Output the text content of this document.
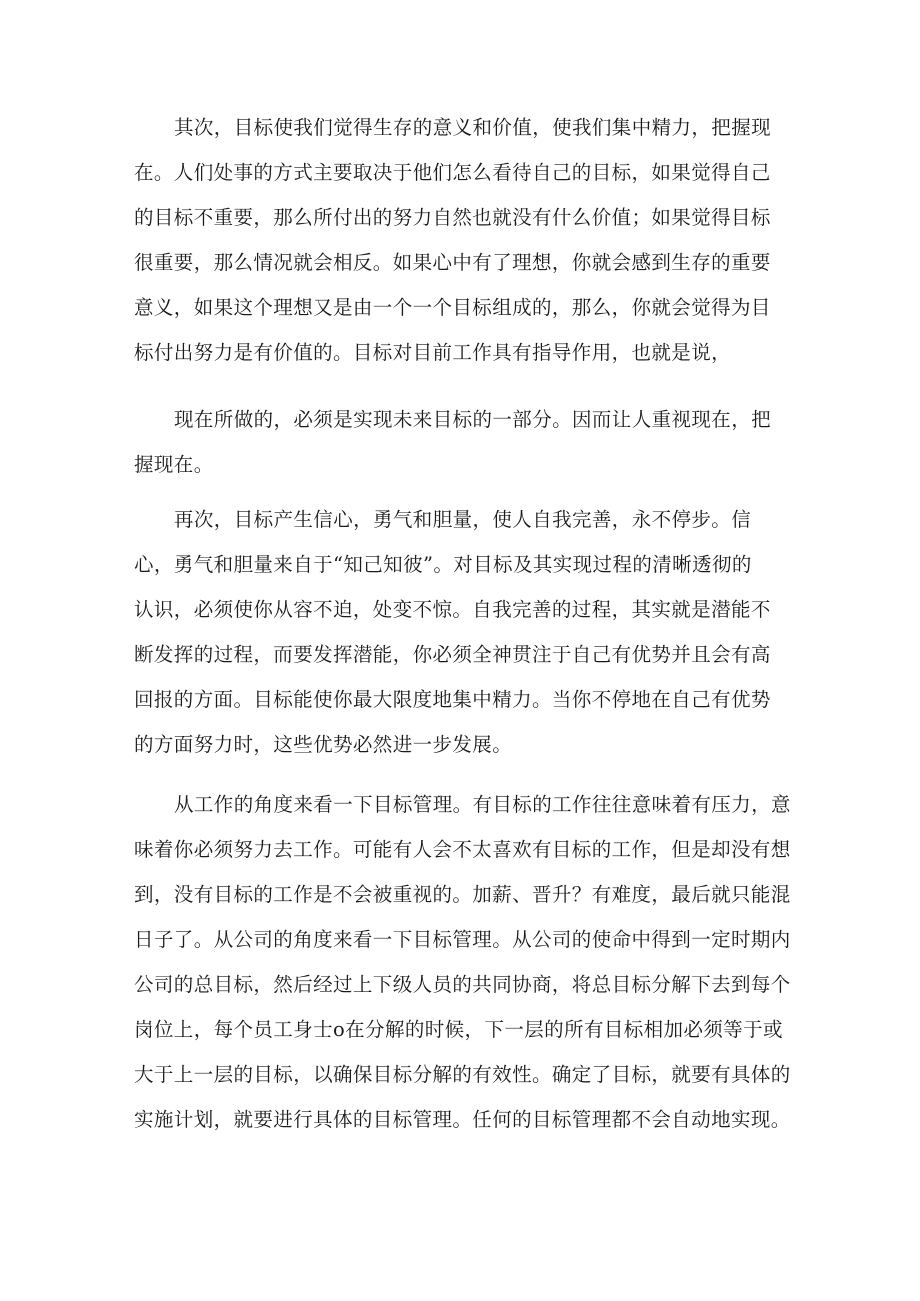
其次，目标使我们觉得生存的意义和价值，使我们集中精力，把握现
在。人们处事的方式主要取决于他们怎么看待自己的目标，如果觉得自己
的目标不重要，那么所付出的努力自然也就没有什么价值；如果觉得目标
很重要，那么情况就会相反。如果心中有了理想，你就会感到生存的重要
意义，如果这个理想又是由一个一个目标组成的，那么，你就会觉得为目
标付出努力是有价值的。目标对目前工作具有指导作用，也就是说，
现在所做的，必须是实现未来目标的一部分。因而让人重视现在，把
握现在。
再次，目标产生信心，勇气和胆量，使人自我完善，永不停步。信
心，勇气和胆量来自于“知己知彼”。对目标及其实现过程的清晰透彻的
认识，必须使你从容不迫，处变不惊。自我完善的过程，其实就是潜能不
断发挥的过程，而要发挥潜能，你必须全神贯注于自己有优势并且会有高
回报的方面。目标能使你最大限度地集中精力。当你不停地在自己有优势
的方面努力时，这些优势必然进一步发展。
从工作的角度来看一下目标管理。有目标的工作往往意味着有压力，意
味着你必须努力去工作。可能有人会不太喜欢有目标的工作，但是却没有想
到，没有目标的工作是不会被重视的。加薪、晋升？有难度，最后就只能混
日子了。从公司的角度来看一下目标管理。从公司的使命中得到一定时期内
公司的总目标，然后经过上下级人员的共同协商，将总目标分解下去到每个
岗位上，每个员工身士o在分解的时候，下一层的所有目标相加必须等于或
大于上一层的目标，以确保目标分解的有效性。确定了目标，就要有具体的
实施计划，就要进行具体的目标管理。任何的目标管理都不会自动地实现。
